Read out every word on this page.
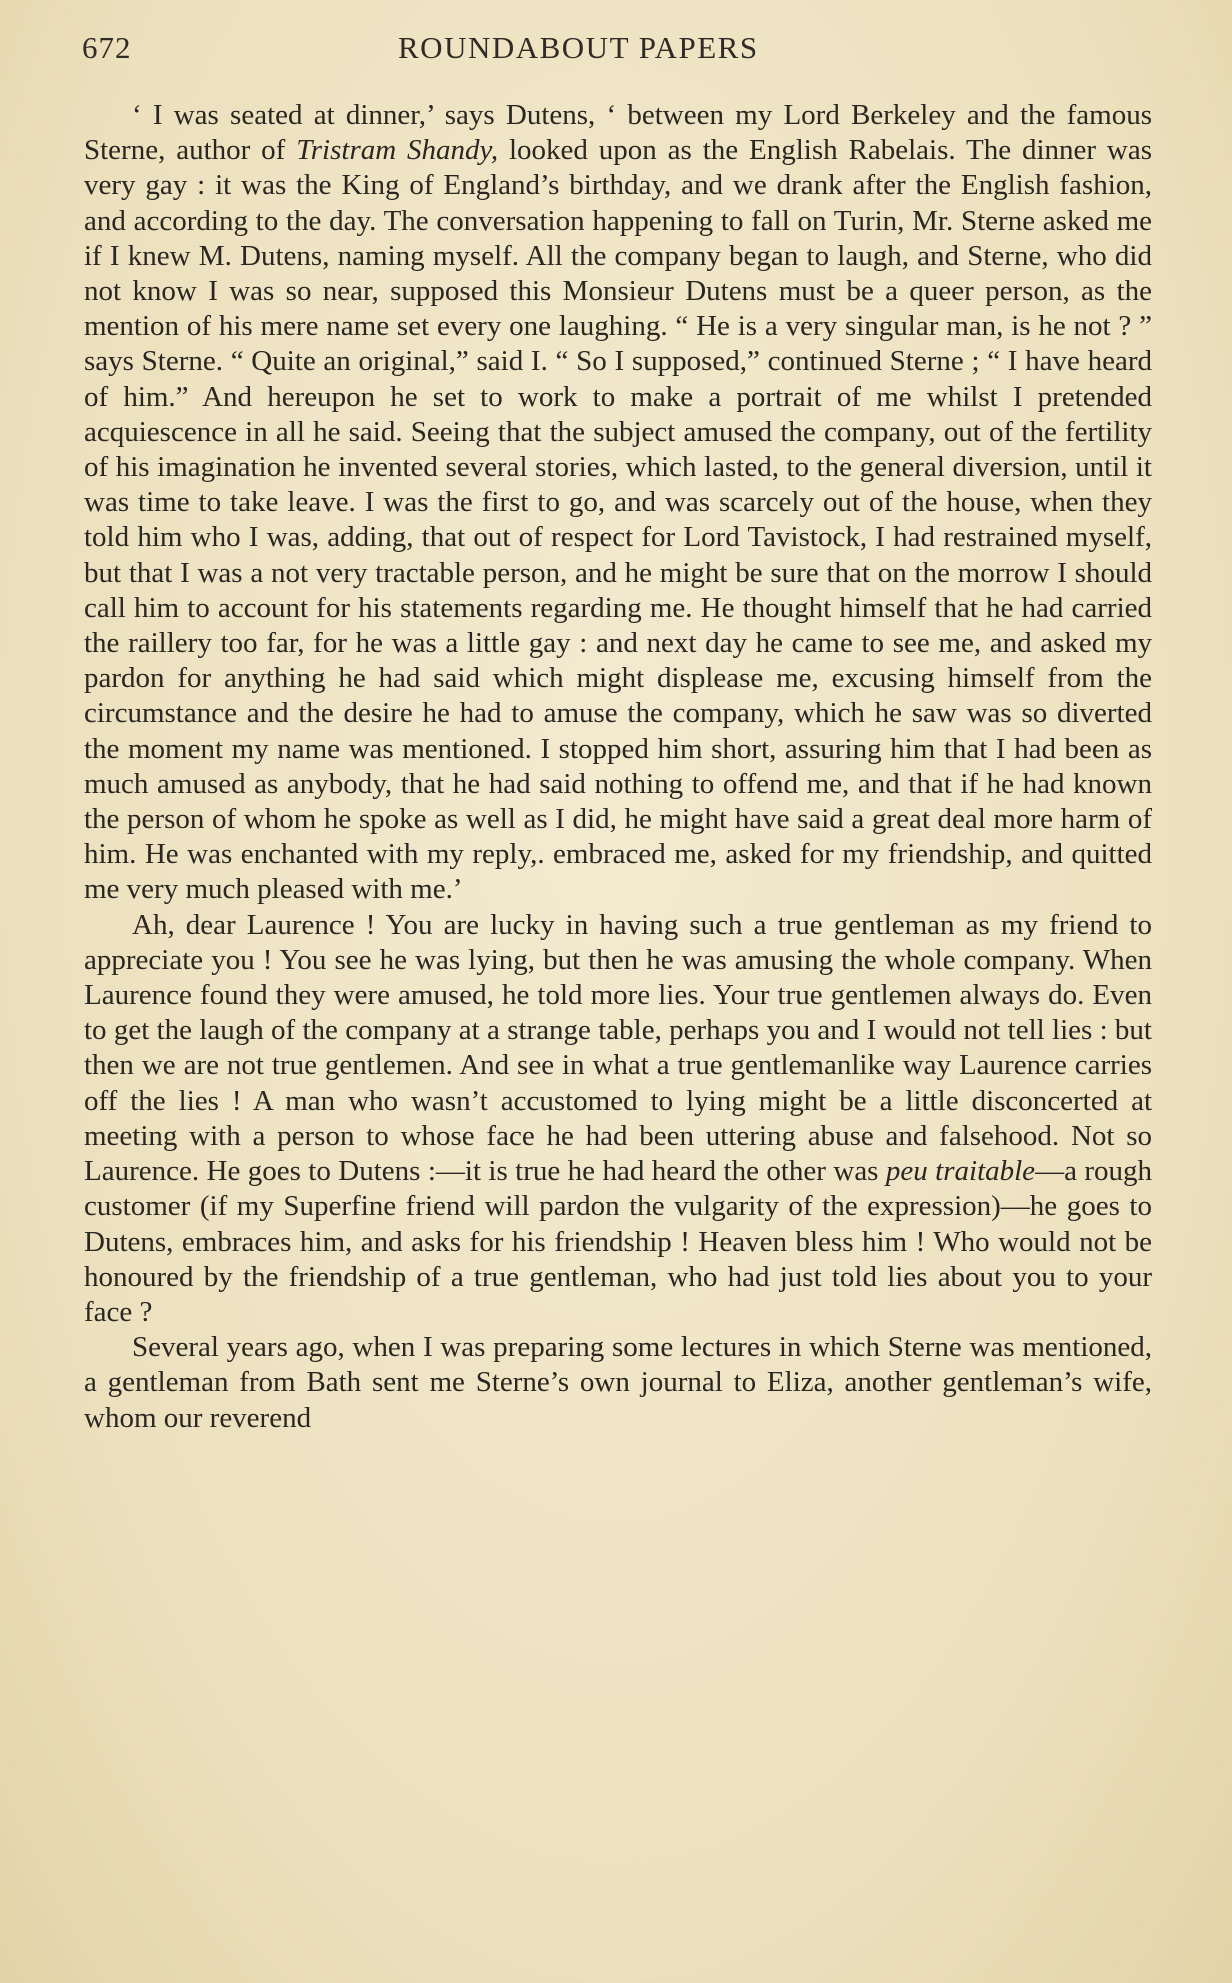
672	ROUNDABOUT PAPERS

‘ I was seated at dinner,’ says Dutens, ‘ between my Lord Berkeley and the famous Sterne, author of Tristram Shandy, looked upon as the English Rabelais. The dinner was very gay : it was the King of England’s birthday, and we drank after the English fashion, and according to the day. The conversation happening to fall on Turin, Mr. Sterne asked me if I knew M. Dutens, naming myself. All the company began to laugh, and Sterne, who did not know I was so near, supposed this Monsieur Dutens must be a queer person, as the mention of his mere name set every one laughing. “ He is a very singular man, is he not ? ” says Sterne. “ Quite an original,” said I. “ So I supposed,” continued Sterne ; “ I have heard of him.” And hereupon he set to work to make a portrait of me whilst I pretended acquiescence in all he said. Seeing that the subject amused the company, out of the fertility of his imagination he invented several stories, which lasted, to the general diversion, until it was time to take leave. I was the first to go, and was scarcely out of the house, when they told him who I was, adding, that out of respect for Lord Tavistock, I had restrained myself, but that I was a not very tractable person, and he might be sure that on the morrow I should call him to account for his statements regarding me. He thought himself that he had carried the raillery too far, for he was a little gay : and next day he came to see me, and asked my pardon for anything he had said which might displease me, excusing himself from the circumstance and the desire he had to amuse the company, which he saw was so diverted the moment my name was mentioned. I stopped him short, assuring him that I had been as much amused as anybody, that he had said nothing to offend me, and that if he had known the person of whom he spoke as well as I did, he might have said a great deal more harm of him. He was enchanted with my reply,. embraced me, asked for my friendship, and quitted me very much pleased with me.’

Ah, dear Laurence ! You are lucky in having such a true gentleman as my friend to appreciate you ! You see he was lying, but then he was amusing the whole company. When Laurence found they were amused, he told more lies. Your true gentlemen always do. Even to get the laugh of the company at a strange table, perhaps you and I would not tell lies : but then we are not true gentlemen. And see in what a true gentlemanlike way Laurence carries off the lies ! A man who wasn’t accustomed to lying might be a little disconcerted at meeting with a person to whose face he had been uttering abuse and falsehood. Not so Laurence. He goes to Dutens :—it is true he had heard the other was peu traitable—a rough customer (if my Superfine friend will pardon the vulgarity of the expression)—he goes to Dutens, embraces him, and asks for his friendship ! Heaven bless him ! Who would not be honoured by the friendship of a true gentleman, who had just told lies about you to your face ?

Several years ago, when I was preparing some lectures in which Sterne was mentioned, a gentleman from Bath sent me Sterne’s own journal to Eliza, another gentleman’s wife, whom our reverend
